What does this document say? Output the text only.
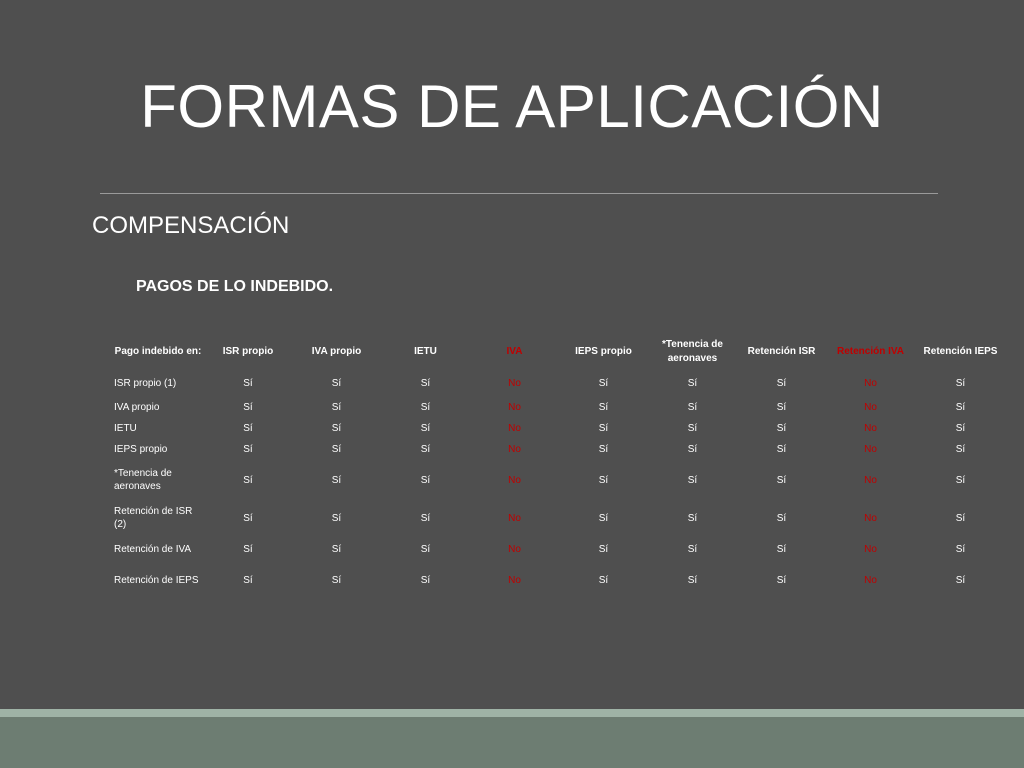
FORMAS DE APLICACIÓN
COMPENSACIÓN
PAGOS DE LO INDEBIDO.
Pago indebido en:	ISR propio	IVA propio	IETU	IVA	IEPS propio	*Tenencia de aeronaves	Retención ISR	Retención IVA	Retención IEPS
ISR propio (1)	Sí	Sí	Sí	No	Sí	Sí	Sí	No	Sí
IVA propio	Sí	Sí	Sí	No	Sí	Sí	Sí	No	Sí
IETU	Sí	Sí	Sí	No	Sí	Sí	Sí	No	Sí
IEPS propio	Sí	Sí	Sí	No	Sí	Sí	Sí	No	Sí
*Tenencia de aeronaves	Sí	Sí	Sí	No	Sí	Sí	Sí	No	Sí
Retención de ISR (2)	Sí	Sí	Sí	No	Sí	Sí	Sí	No	Sí
Retención de IVA	Sí	Sí	Sí	No	Sí	Sí	Sí	No	Sí
Retención de IEPS	Sí	Sí	Sí	No	Sí	Sí	Sí	No	Sí
